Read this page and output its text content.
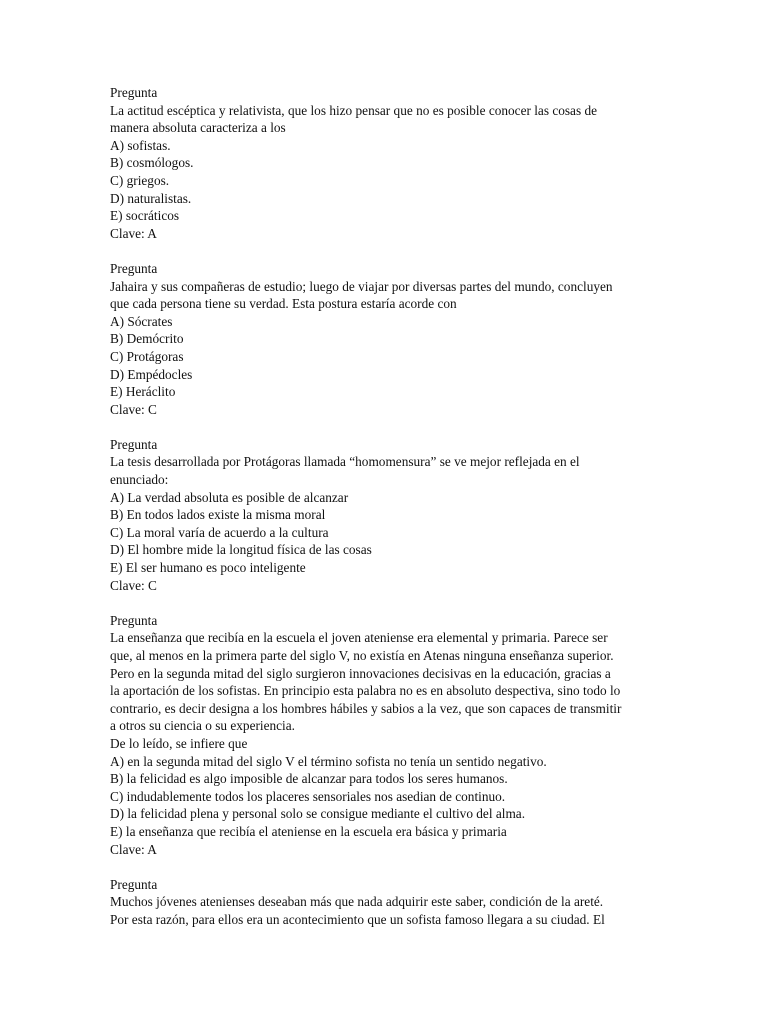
Pregunta
La actitud escéptica y relativista, que los hizo pensar que no es posible conocer las cosas de
manera absoluta caracteriza a los
A) sofistas.
B) cosmólogos.
C) griegos.
D) naturalistas.
E) socráticos
Clave: A
Pregunta
Jahaira y sus compañeras de estudio; luego de viajar por diversas partes del mundo, concluyen
que cada persona tiene su verdad. Esta postura estaría acorde con
A) Sócrates
B) Demócrito
C) Protágoras
D) Empédocles
E) Heráclito
Clave: C
Pregunta
La tesis desarrollada por Protágoras llamada “homomensura” se ve mejor reflejada en el
enunciado:
A) La verdad absoluta es posible de alcanzar
B) En todos lados existe la misma moral
C) La moral varía de acuerdo a la cultura
D) El hombre mide la longitud física de las cosas
E) El ser humano es poco inteligente
Clave: C
Pregunta
La enseñanza que recibía en la escuela el joven ateniense era elemental y primaria. Parece ser
que, al menos en la primera parte del siglo V, no existía en Atenas ninguna enseñanza superior.
Pero en la segunda mitad del siglo surgieron innovaciones decisivas en la educación, gracias a
la aportación de los sofistas. En principio esta palabra no es en absoluto despectiva, sino todo lo
contrario, es decir designa a los hombres hábiles y sabios a la vez, que son capaces de transmitir
a otros su ciencia o su experiencia.
De lo leído, se infiere que
A) en la segunda mitad del siglo V el término sofista no tenía un sentido negativo.
B) la felicidad es algo imposible de alcanzar para todos los seres humanos.
C) indudablemente todos los placeres sensoriales nos asedian de continuo.
D) la felicidad plena y personal solo se consigue mediante el cultivo del alma.
E) la enseñanza que recibía el ateniense en la escuela era básica y primaria
Clave: A
Pregunta
Muchos jóvenes atenienses deseaban más que nada adquirir este saber, condición de la areté.
Por esta razón, para ellos era un acontecimiento que un sofista famoso llegara a su ciudad. El
